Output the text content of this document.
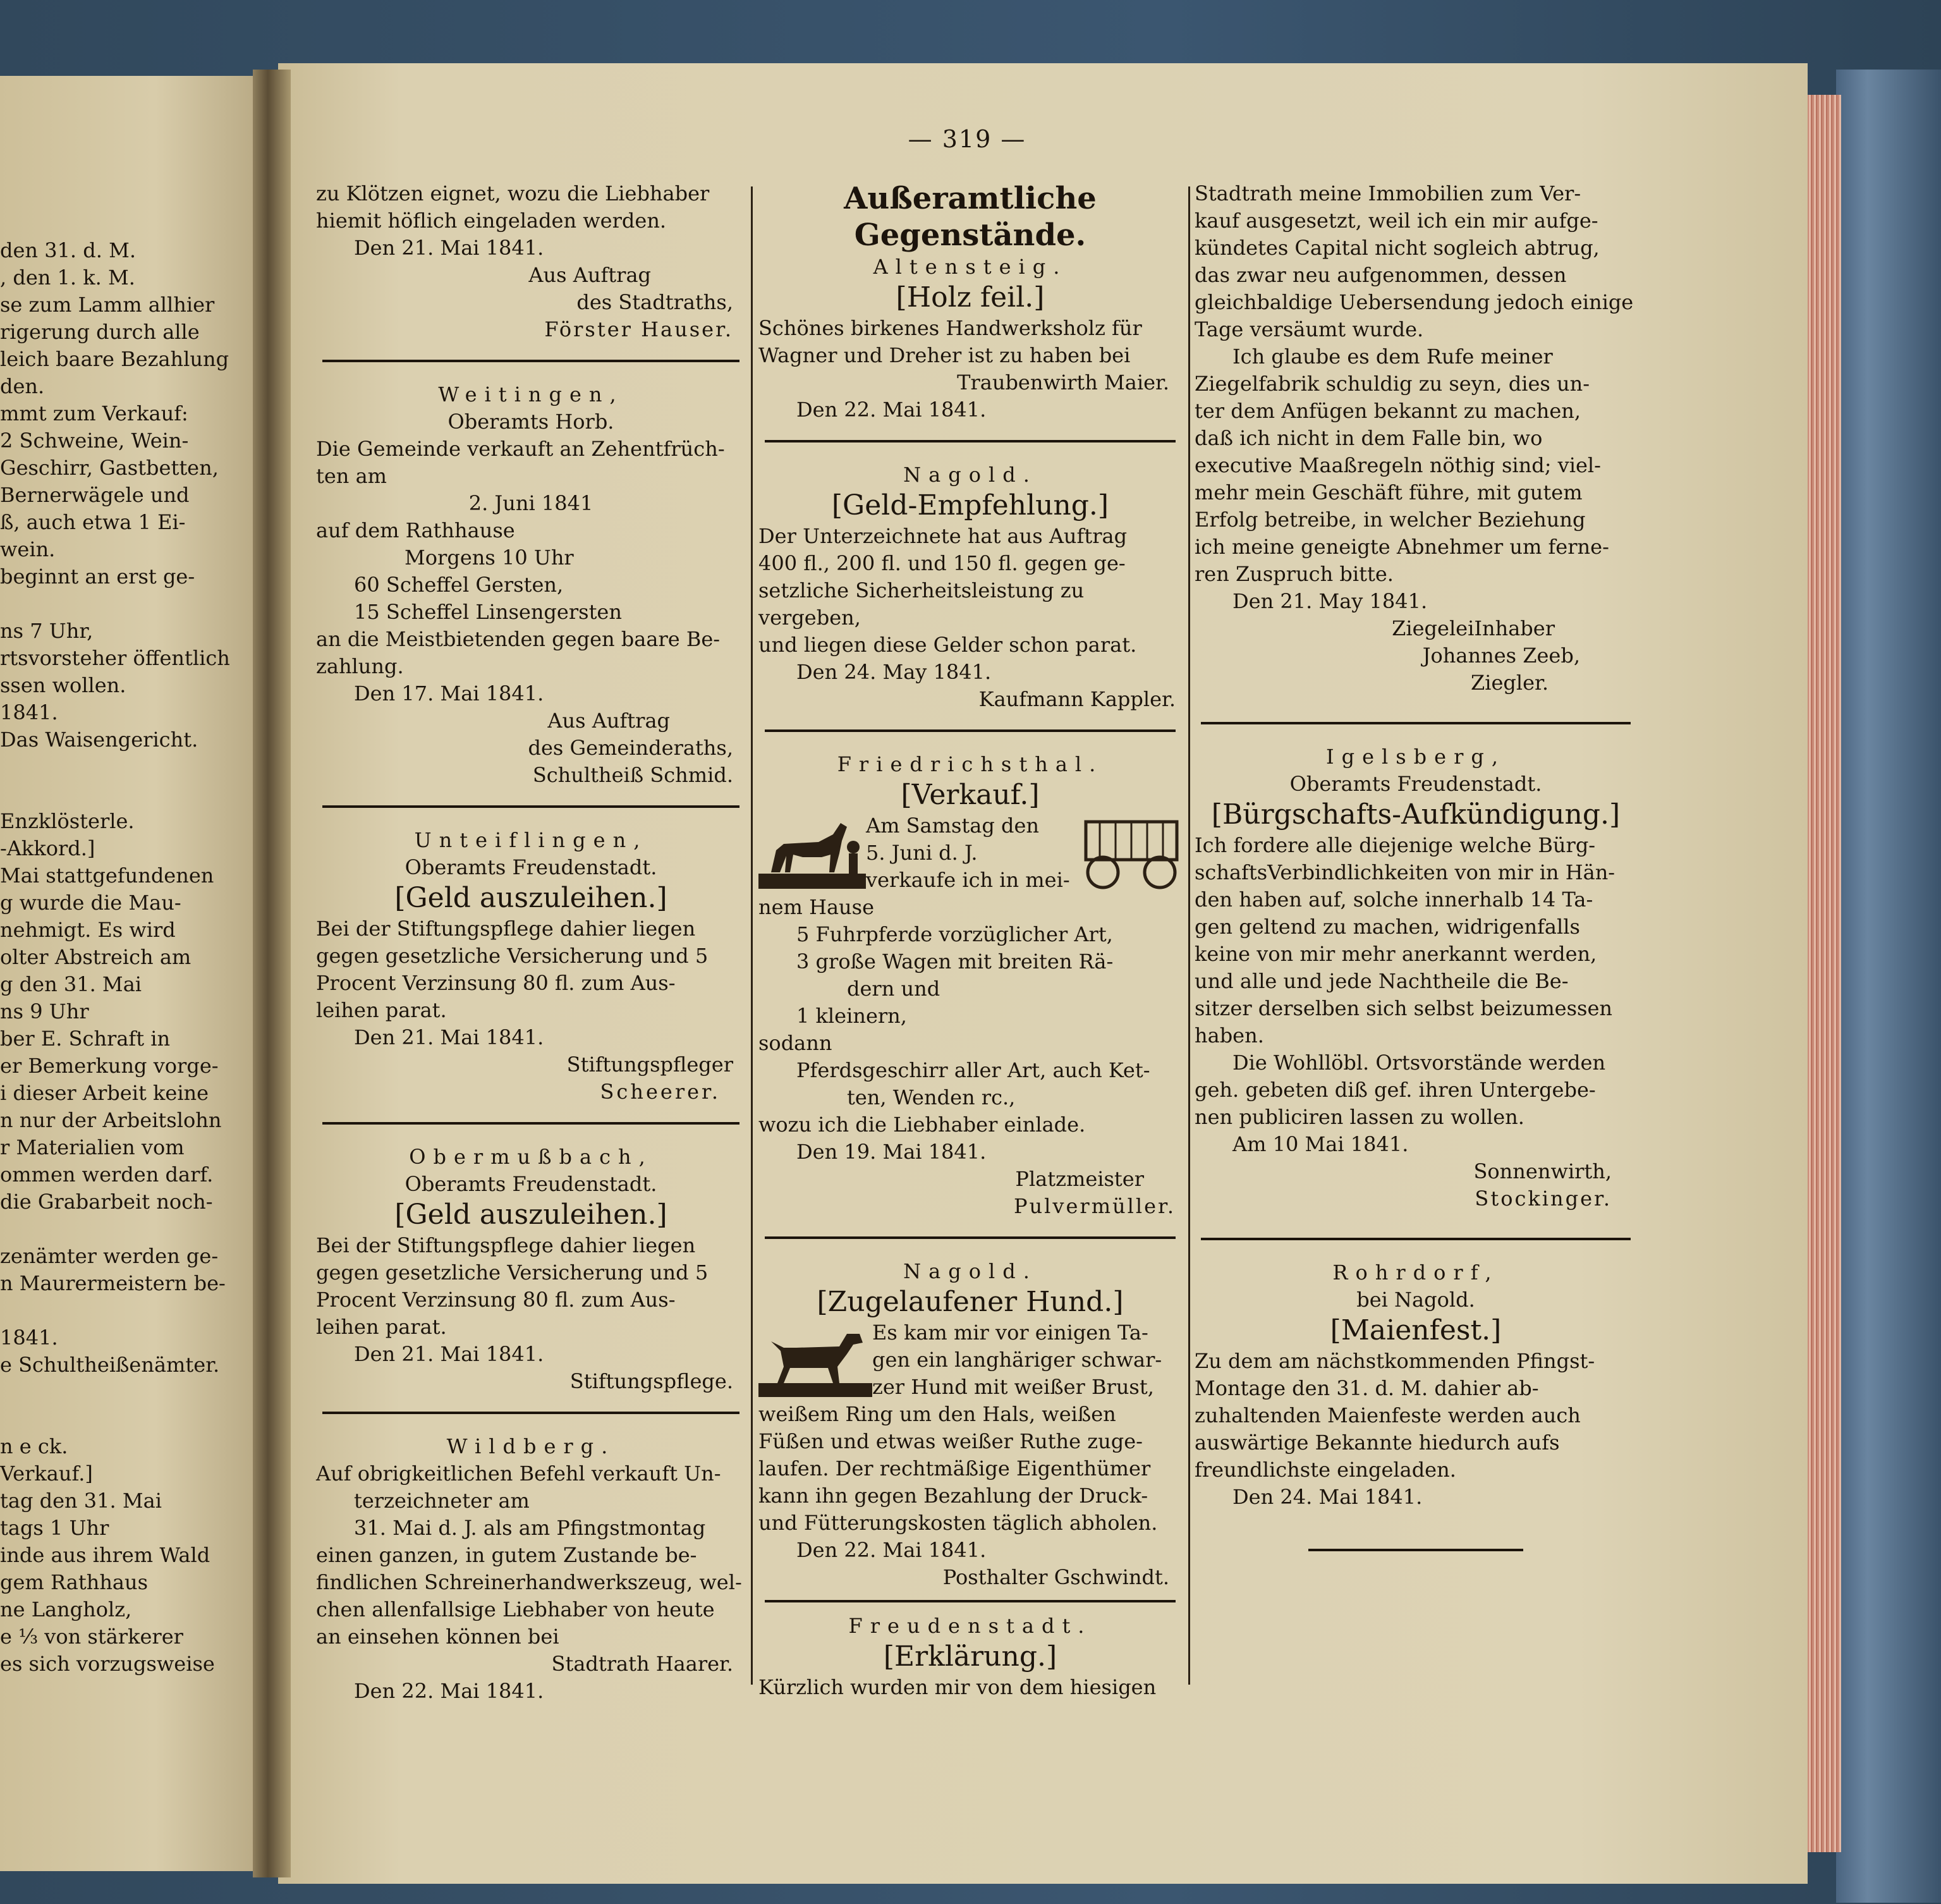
den 31. d. M.

, den 1. k. M.

se zum Lamm allhier

rigerung durch alle

leich baare Bezahlung

den.

mmt zum Verkauf:

2 Schweine, Wein-

Geschirr, Gastbetten,

Bernerwägele und

ß, auch etwa 1 Ei-

wein.

beginnt an erst ge-

ns 7 Uhr,

rtsvorsteher öffentlich

ssen wollen.

1841.

Das Waisengericht.

Enzklösterle.

-Akkord.]

Mai stattgefundenen

g wurde die Mau-

nehmigt. Es wird

olter Abstreich am

g den 31. Mai

ns 9 Uhr

ber E. Schraft in

er Bemerkung vorge-

i dieser Arbeit keine

n nur der Arbeitslohn

r Materialien vom

ommen werden darf.

die Grabarbeit noch-

zenämter werden ge-

n Maurermeistern be-

1841.

e Schultheißenämter.

n e ck.

Verkauf.]

tag den 31. Mai

tags 1 Uhr

inde aus ihrem Wald

gem Rathhaus

ne Langholz,

e ⅓ von stärkerer

es sich vorzugsweise

— 319 —

zu Klötzen eignet, wozu die Liebhaber

hiemit höflich eingeladen werden.

Den 21. Mai 1841.

Aus Auftrag

des Stadtraths,

Förster Hauser.

Weitingen,

Oberamts Horb.

Die Gemeinde verkauft an Zehentfrüch-

ten am

2. Juni 1841

auf dem Rathhause

Morgens 10 Uhr

60 Scheffel Gersten,

15 Scheffel Linsengersten

an die Meistbietenden gegen baare Be-

zahlung.

Den 17. Mai 1841.

Aus Auftrag

des Gemeinderaths,

Schultheiß Schmid.

Unteiflingen,

Oberamts Freudenstadt.

[Geld auszuleihen.]

Bei der Stiftungspflege dahier liegen

gegen gesetzliche Versicherung und 5

Procent Verzinsung 80 fl. zum Aus-

leihen parat.

Den 21. Mai 1841.

Stiftungspfleger

Scheerer.

Obermußbach,

Oberamts Freudenstadt.

[Geld auszuleihen.]

Bei der Stiftungspflege dahier liegen

gegen gesetzliche Versicherung und 5

Procent Verzinsung 80 fl. zum Aus-

leihen parat.

Den 21. Mai 1841.

Stiftungspflege.

Wildberg.

Auf obrigkeitlichen Befehl verkauft Un-

terzeichneter am

31. Mai d. J. als am Pfingstmontag

einen ganzen, in gutem Zustande be-

findlichen Schreinerhandwerkszeug, wel-

chen allenfallsige Liebhaber von heute

an einsehen können bei

Stadtrath Haarer.

Den 22. Mai 1841.

Außeramtliche Gegenstände.

Altensteig.

[Holz feil.]

Schönes birkenes Handwerksholz für

Wagner und Dreher ist zu haben bei

Traubenwirth Maier.

Den 22. Mai 1841.

Nagold.

[Geld-Empfehlung.]

Der Unterzeichnete hat aus Auftrag

400 fl., 200 fl. und 150 fl. gegen ge-

setzliche Sicherheitsleistung zu vergeben,

und liegen diese Gelder schon parat.

Den 24. May 1841.

Kaufmann Kappler.

Friedrichsthal.

[Verkauf.]

Am Samstag den

5. Juni d. J.

verkaufe ich in mei-

nem Hause

5 Fuhrpferde vorzüglicher Art,

3 große Wagen mit breiten Rä-

dern und

1 kleinern,

sodann

Pferdsgeschirr aller Art, auch Ket-

ten, Wenden rc.,

wozu ich die Liebhaber einlade.

Den 19. Mai 1841.

Platzmeister

Pulvermüller.

Nagold.

[Zugelaufener Hund.]

Es kam mir vor einigen Ta-

gen ein langhäriger schwar-

zer Hund mit weißer Brust,

weißem Ring um den Hals, weißen

Füßen und etwas weißer Ruthe zuge-

laufen. Der rechtmäßige Eigenthümer

kann ihn gegen Bezahlung der Druck-

und Fütterungskosten täglich abholen.

Den 22. Mai 1841.

Posthalter Gschwindt.

Freudenstadt.

[Erklärung.]

Kürzlich wurden mir von dem hiesigen

Stadtrath meine Immobilien zum Ver-

kauf ausgesetzt, weil ich ein mir aufge-

kündetes Capital nicht sogleich abtrug,

das zwar neu aufgenommen, dessen

gleichbaldige Uebersendung jedoch einige

Tage versäumt wurde.

Ich glaube es dem Rufe meiner

Ziegelfabrik schuldig zu seyn, dies un-

ter dem Anfügen bekannt zu machen,

daß ich nicht in dem Falle bin, wo

executive Maaßregeln nöthig sind; viel-

mehr mein Geschäft führe, mit gutem

Erfolg betreibe, in welcher Beziehung

ich meine geneigte Abnehmer um ferne-

ren Zuspruch bitte.

Den 21. May 1841.

ZiegeleiInhaber

Johannes Zeeb,

Ziegler.

Igelsberg,

Oberamts Freudenstadt.

[Bürgschafts-Aufkündigung.]

Ich fordere alle diejenige welche Bürg-

schaftsVerbindlichkeiten von mir in Hän-

den haben auf, solche innerhalb 14 Ta-

gen geltend zu machen, widrigenfalls

keine von mir mehr anerkannt werden,

und alle und jede Nachtheile die Be-

sitzer derselben sich selbst beizumessen

haben.

Die Wohllöbl. Ortsvorstände werden

geh. gebeten diß gef. ihren Untergebe-

nen publiciren lassen zu wollen.

Am 10 Mai 1841.

Sonnenwirth,

Stockinger.

Rohrdorf,

bei Nagold.

[Maienfest.]

Zu dem am nächstkommenden Pfingst-

Montage den 31. d. M. dahier ab-

zuhaltenden Maienfeste werden auch

auswärtige Bekannte hiedurch aufs

freundlichste eingeladen.

Den 24. Mai 1841.
